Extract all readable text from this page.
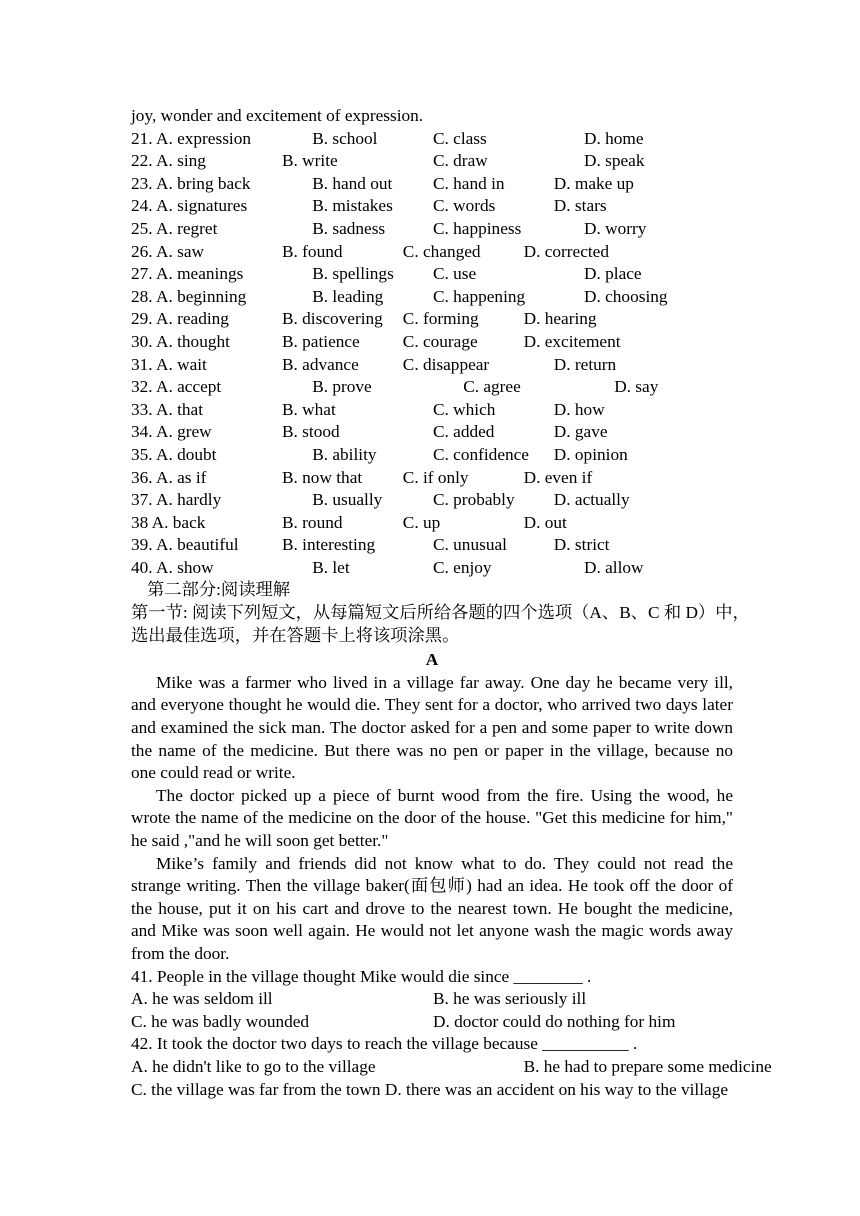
joy, wonder and excitement of expression.
21. A. expression	B. school	C. class	D. home
22. A. sing	B. write	C. draw	D. speak
23. A. bring back	B. hand out C. hand in	D. make up
24. A. signatures	B. mistakes C. words	D. stars
25. A. regret	B. sadness	C. happiness	D. worry
26. A. saw	B. found	C. changed D. corrected
27. A. meanings	B. spellings C. use	D. place
28. A. beginning	B. leading	C. happening	D. choosing
29. A. reading	B. discovering C. forming	D. hearing
30. A. thought	B. patience C. courage	D. excitement
31. A. wait	B. advance	C. disappear	D. return
32. A. accept	B. prove	C. agree	D. say
33. A. that	B. what	C. which	D. how
34. A. grew	B. stood	C. added	D. gave
35. A. doubt	B. ability	C. confidence D. opinion
36. A. as if	B. now that C. if only	D. even if
37. A. hardly	B. usually	C. probably D. actually
38 A. back	B. round	C. up	D. out
39. A. beautiful	B. interesting	C. unusual	D. strict
40. A. show	B. let	C. enjoy	D. allow
第二部分:阅读理解
第一节: 阅读下列短文，从每篇短文后所给各题的四个选项（A、B、C 和 D）中，
选出最佳选项，并在答题卡上将该项涂黑。
A
Mike was a farmer who lived in a village far away. One day he became very ill,
and everyone thought he would die. They sent for a doctor, who arrived two days later
and examined the sick man. The doctor asked for a pen and some paper to write down
the name of the medicine. But there was no pen or paper in the village, because no
one could read or write.
The doctor picked up a piece of burnt wood from the fire. Using the wood, he
wrote the name of the medicine on the door of the house. "Get this medicine for him,"
he said ,"and he will soon get better."
Mike’s family and friends did not know what to do. They could not read the
strange writing. Then the village baker(面包师) had an idea. He took off the door of
the house, put it on his cart and drove to the nearest town. He bought the medicine,
and Mike was soon well again. He would not let anyone wash the magic words away
from the door.
41. People in the village thought Mike would die since ________ .
A. he was seldom ill	B. he was seriously ill
C. he was badly wounded	D. doctor could do nothing for him
42. It took the doctor two days to reach the village because __________ .
A. he didn't like to go to the village	B. he had to prepare some medicine
C. the village was far from the town D. there was an accident on his way to the village
